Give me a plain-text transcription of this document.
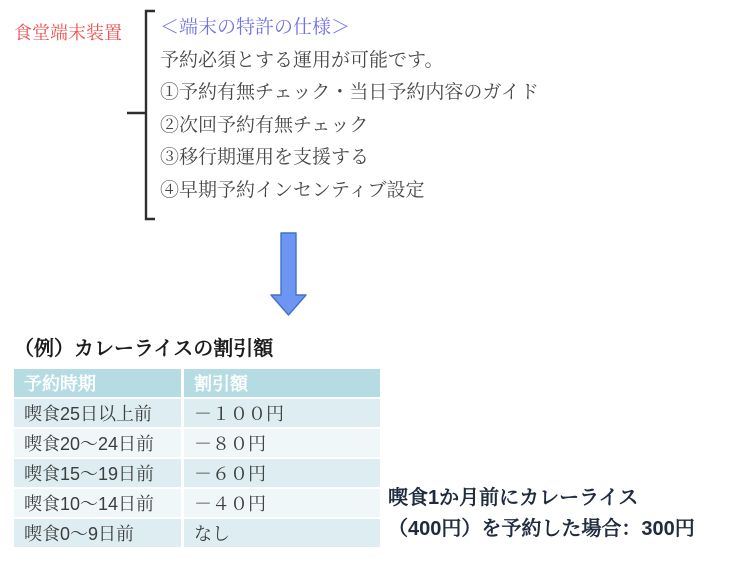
食堂端末装置 ＜端末の特許の仕様＞
予約必須とする運用が可能です。
①予約有無チェック・当日予約内容のガイド
②次回予約有無チェック
③移行期運用を支援する
④早期予約インセンティブ設定
（例）カレーライスの割引額
予約時期	割引額
喫食25日以上前	－１００円
喫食20〜24日前	－８０円
喫食15〜19日前	－６０円
喫食10〜14日前	－４０円
喫食0〜9日前	なし
喫食1か月前にカレーライス
（400円）を予約した場合：300円
